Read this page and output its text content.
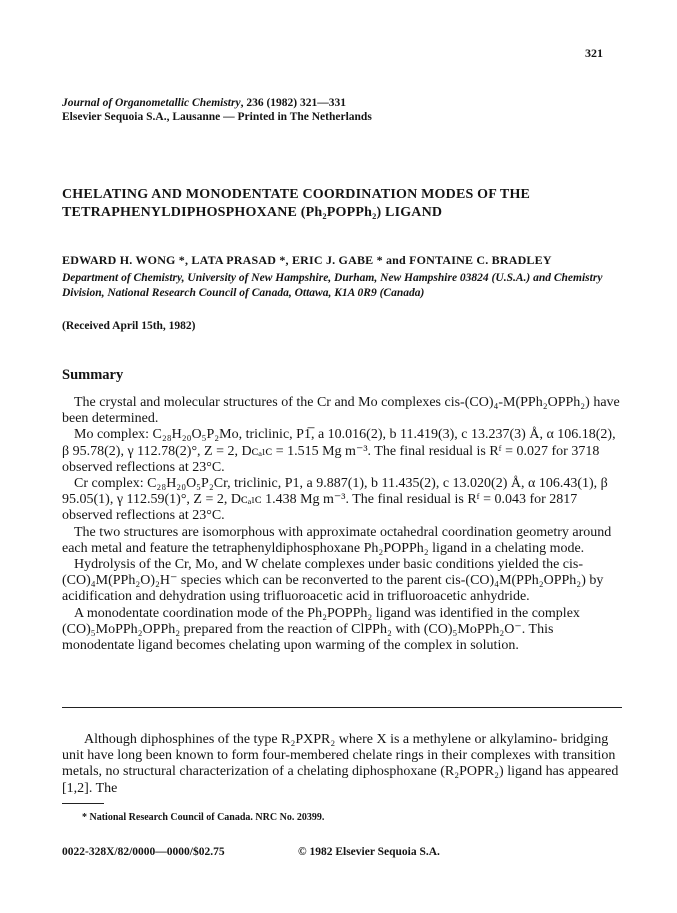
321
Journal of Organometallic Chemistry, 236 (1982) 321—331
Elsevier Sequoia S.A., Lausanne — Printed in The Netherlands
CHELATING AND MONODENTATE COORDINATION MODES OF THE
TETRAPHENYLDIPHOSPHOXANE (Ph₂POPPh₂) LIGAND
EDWARD H. WONG *, LATA PRASAD *, ERIC J. GABE * and FONTAINE C. BRADLEY
Department of Chemistry, University of New Hampshire, Durham, New Hampshire 03824 (U.S.A.) and Chemistry Division, National Research Council of Canada, Ottawa, K1A 0R9 (Canada)
(Received April 15th, 1982)
Summary

The crystal and molecular structures of the Cr and Mo complexes cis-(CO)₄-M(PPh₂OPPh₂) have been determined.

Mo complex: C₂₈H₂₀O₅P₂Mo, triclinic, P1̅, a 10.016(2), b 11.419(3), c 13.237(3) Å, α 106.18(2), β 95.78(2), γ 112.78(2)°, Z = 2, Dᴄₐₗᴄ = 1.515 Mg m⁻³. The final residual is Rᶠ = 0.027 for 3718 observed reflections at 23°C.

Cr complex: C₂₈H₂₀O₅P₂Cr, triclinic, P1, a 9.887(1), b 11.435(2), c 13.020(2) Å, α 106.43(1), β 95.05(1), γ 112.59(1)°, Z = 2, Dᴄₐₗᴄ 1.438 Mg m⁻³. The final residual is Rᶠ = 0.043 for 2817 observed reflections at 23°C.

The two structures are isomorphous with approximate octahedral coordination geometry around each metal and feature the tetraphenyldiphosphoxane Ph₂POPPh₂ ligand in a chelating mode.

Hydrolysis of the Cr, Mo, and W chelate complexes under basic conditions yielded the cis-(CO)₄M(PPh₂O)₂H⁻ species which can be reconverted to the parent cis-(CO)₄M(PPh₂OPPh₂) by acidification and dehydration using trifluoroacetic acid in trifluoroacetic anhydride.

A monodentate coordination mode of the Ph₂POPPh₂ ligand was identified in the complex (CO)₅MoPPh₂OPPh₂ prepared from the reaction of ClPPh₂ with (CO)₅MoPPh₂O⁻. This monodentate ligand becomes chelating upon warming of the complex in solution.

Although diphosphines of the type R₂PXPR₂ where X is a methylene or alkylamino- bridging unit have long been known to form four-membered chelate rings in their complexes with transition metals, no structural characterization of a chelating diphosphoxane (R₂POPR₂) ligand has appeared [1,2]. The

* National Research Council of Canada. NRC No. 20399.
0022-328X/82/0000—0000/$02.75	© 1982 Elsevier Sequoia S.A.
